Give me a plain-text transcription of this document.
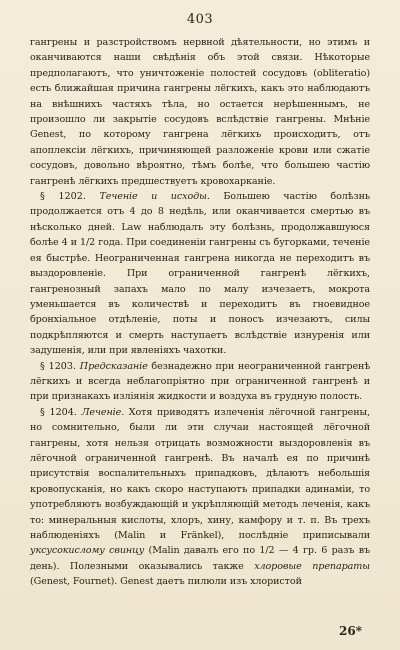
403

гангрены и разстройствомъ нервной дѣятельности, но этимъ и оканчиваются наши свѣдѣнія объ этой связи. Нѣкоторые предполагаютъ, что уничтоженіе полостей сосудовъ (obliteratio) есть ближайшая причина гангрены лёгкихъ, какъ это наблюдаютъ на внѣшнихъ частяхъ тѣла, но остается нерѣшеннымъ, не произошло ли закрытіе сосудовъ вслѣдствіе гангрены. Мнѣніе Genest, по которому гангрена лёгкихъ происходитъ, отъ апоплексіи лёгкихъ, причиняющей разложеніе крови или сжатіе сосудовъ, довольно вѣроятно, тѣмъ болѣе, что большею частію гангренѣ лёгкихъ предшествуетъ кровохарканіе.

§ 1202. Теченіе и исходы. Большею частію болѣзнь продолжается отъ 4 до 8 недѣль, или оканчивается смертью въ нѣсколько дней. Law наблюдалъ эту болѣзнь, продолжавшуюся болѣе 4 и 1/2 года. При соединеніи гангрены съ бугорками, теченіе ея быстрѣе. Неограниченная гангрена никогда не переходитъ въ выздоровленіе. При ограниченной гангренѣ лёгкихъ, гангренозный запахъ мало по малу изчезаетъ, мокрота уменьшается въ количествѣ и переходитъ въ гноевидное бронхіальное отдѣленіе, поты и поносъ изчезаютъ, силы подкрѣпляются и смерть наступаетъ вслѣдствіе изнуренія или задушенія, или при явленіяхъ чахотки.

§ 1203. Предсказаніе безнадежно при неограниченной гангренѣ лёгкихъ и всегда неблагопріятно при ограниченной гангренѣ и при признакахъ изліянія жидкости и воздуха въ грудную полость.

§ 1204. Леченіе. Хотя приводятъ излеченія лёгочной гангрены, но сомнительно, были ли эти случаи настоящей лёгочной гангрены, хотя нельзя отрицать возможности выздоровленія въ лёгочной ограниченной гангренѣ. Въ началѣ ея по причинѣ присутствія воспалительныхъ припадковъ, дѣлаютъ небольшія кровопусканія, но какъ скоро наступаютъ припадки адинаміи, то употребляютъ возбуждающій и укрѣпляющій методъ леченія, какъ то: минеральныя кислоты, хлоръ, хину, камфору и т. п. Въ трехъ наблюденіяхъ (Malin и Fränkel), послѣдніе приписывали уксусокислому свинцу (Malin давалъ его по 1/2 — 4 гр. 6 разъ въ день). Полезными оказывались также хлоровые препараты (Genest, Fournet). Genest даетъ пилюли изъ хлористой

26*
